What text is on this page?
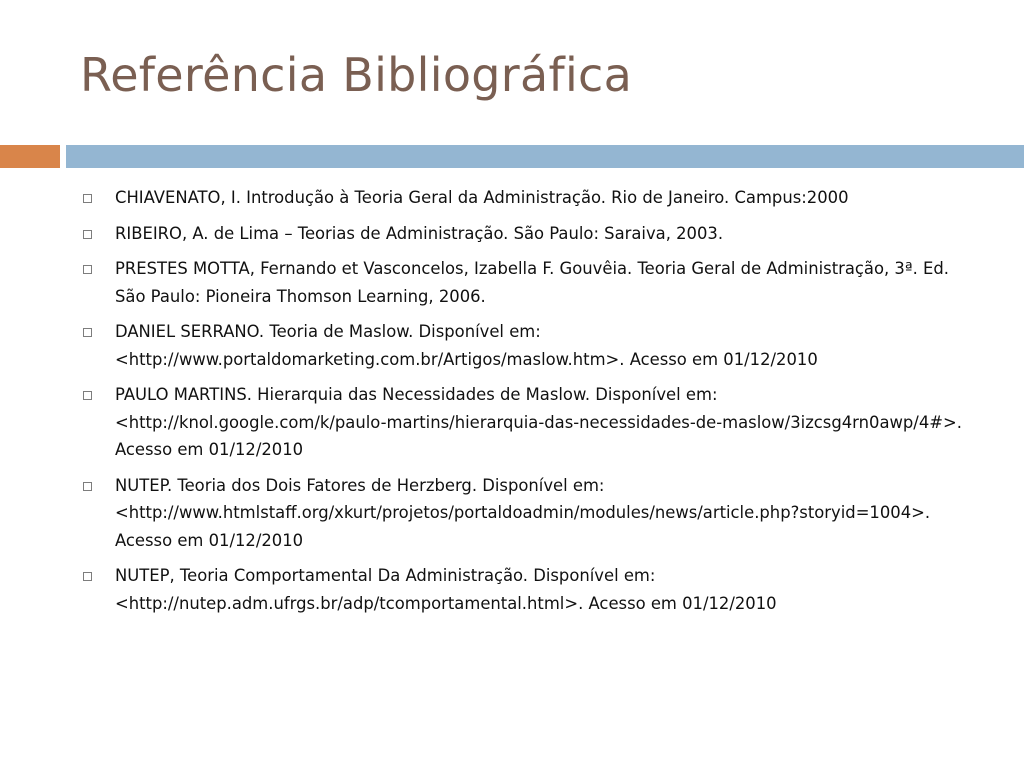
Referência Bibliográfica
CHIAVENATO, I. Introdução à Teoria Geral da Administração. Rio de Janeiro. Campus:2000
RIBEIRO, A. de Lima – Teorias de Administração. São Paulo: Saraiva, 2003.
PRESTES MOTTA, Fernando et Vasconcelos, Izabella F. Gouvêia. Teoria Geral de Administração, 3ª. Ed. São Paulo: Pioneira Thomson Learning, 2006.
DANIEL SERRANO. Teoria de Maslow. Disponível em: <http://www.portaldomarketing.com.br/Artigos/maslow.htm>. Acesso em 01/12/2010
PAULO MARTINS. Hierarquia das Necessidades de Maslow. Disponível em: <http://knol.google.com/k/paulo-martins/hierarquia-das-necessidades-de-maslow/3izcsg4rn0awp/4#>. Acesso em 01/12/2010
NUTEP. Teoria dos Dois Fatores de Herzberg. Disponível em: <http://www.htmlstaff.org/xkurt/projetos/portaldoadmin/modules/news/article.php?storyid=1004>. Acesso em 01/12/2010
NUTEP, Teoria Comportamental Da Administração. Disponível em: <http://nutep.adm.ufrgs.br/adp/tcomportamental.html>. Acesso em 01/12/2010
